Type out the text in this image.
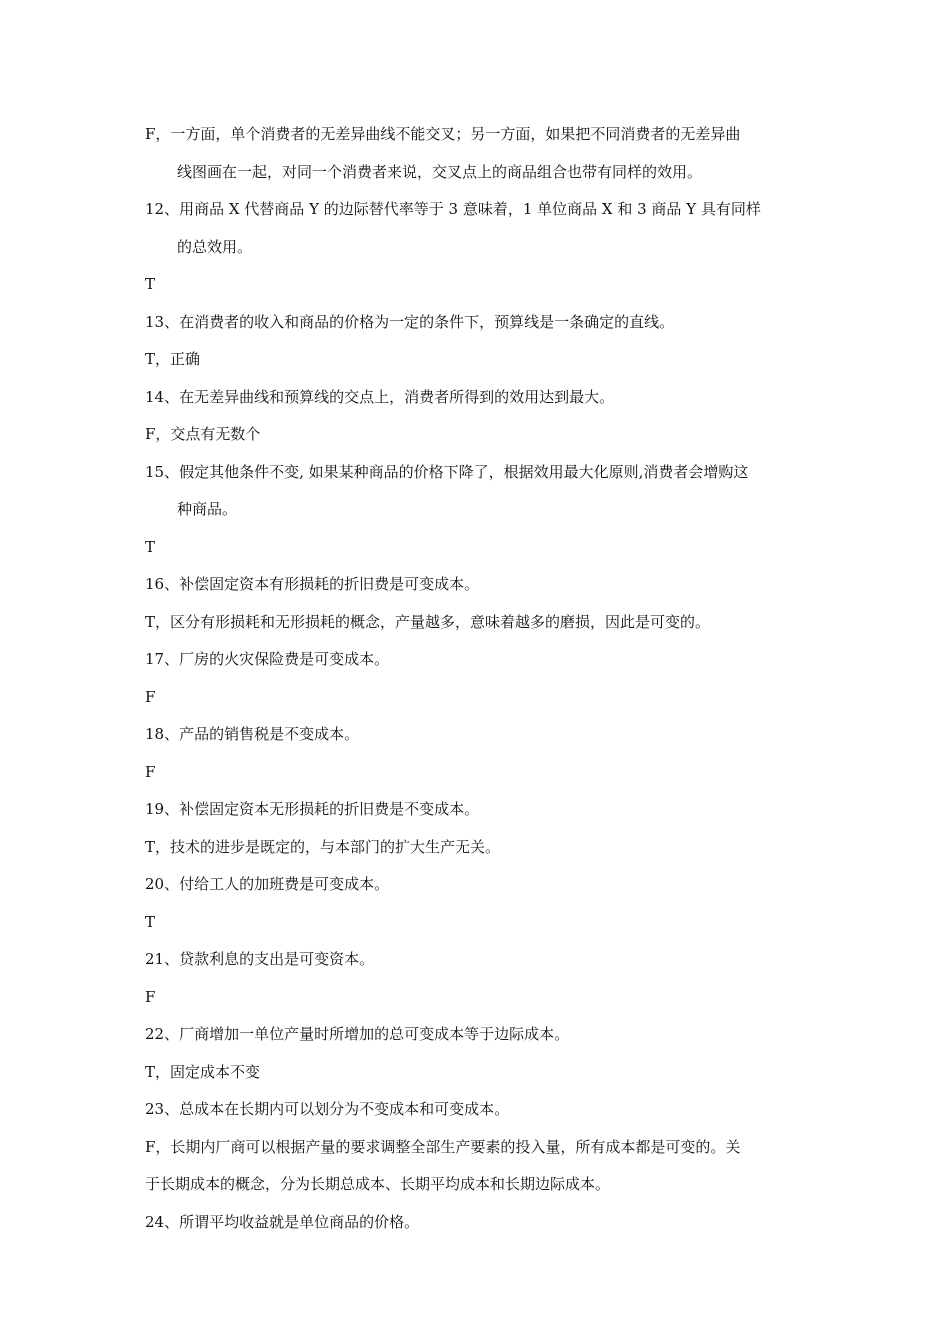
F，一方面，单个消费者的无差异曲线不能交叉；另一方面，如果把不同消费者的无差异曲
线图画在一起，对同一个消费者来说，交叉点上的商品组合也带有同样的效用。
12、用商品 X 代替商品 Y 的边际替代率等于 3 意味着，1 单位商品 X 和 3 商品 Y 具有同样
的总效用。
T
13、在消费者的收入和商品的价格为一定的条件下，预算线是一条确定的直线。
T，正确
14、在无差异曲线和预算线的交点上，消费者所得到的效用达到最大。
F，交点有无数个
15、假定其他条件不变, 如果某种商品的价格下降了，根据效用最大化原则,消费者会增购这
种商品。
T
16、补偿固定资本有形损耗的折旧费是可变成本。
T，区分有形损耗和无形损耗的概念，产量越多，意味着越多的磨损，因此是可变的。
17、厂房的火灾保险费是可变成本。
F
18、产品的销售税是不变成本。
F
19、补偿固定资本无形损耗的折旧费是不变成本。
T，技术的进步是既定的，与本部门的扩大生产无关。
20、付给工人的加班费是可变成本。
T
21、贷款利息的支出是可变资本。
F
22、厂商增加一单位产量时所增加的总可变成本等于边际成本。
T，固定成本不变
23、总成本在长期内可以划分为不变成本和可变成本。
F，长期内厂商可以根据产量的要求调整全部生产要素的投入量，所有成本都是可变的。关
于长期成本的概念，分为长期总成本、长期平均成本和长期边际成本。
24、所谓平均收益就是单位商品的价格。
